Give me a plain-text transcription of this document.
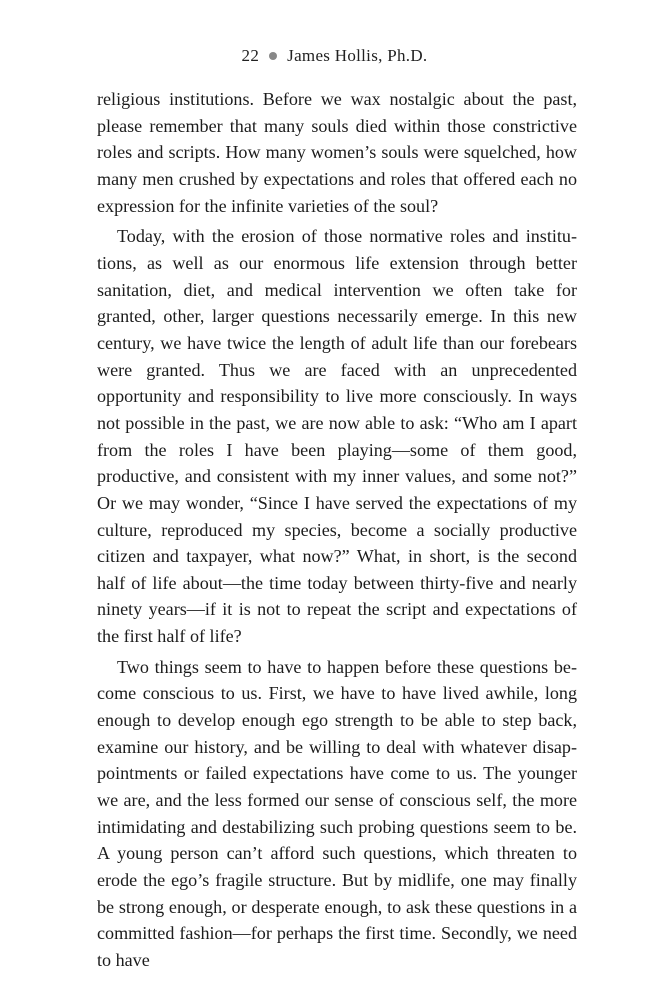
22 James Hollis, Ph.D.

religious institutions. Before we wax nostalgic about the past, please remember that many souls died within those constrictive roles and scripts. How many women’s souls were squelched, how many men crushed by expectations and roles that offered each no expression for the infinite varieties of the soul?

Today, with the erosion of those normative roles and institutions, as well as our enormous life extension through better sanitation, diet, and medical intervention we often take for granted, other, larger questions necessarily emerge. In this new century, we have twice the length of adult life than our forebears were granted. Thus we are faced with an unprecedented opportunity and responsibility to live more consciously. In ways not possible in the past, we are now able to ask: “Who am I apart from the roles I have been playing—some of them good, productive, and consistent with my inner values, and some not?” Or we may wonder, “Since I have served the expectations of my culture, reproduced my species, become a socially productive citizen and taxpayer, what now?” What, in short, is the second half of life about—the time today between thirty-five and nearly ninety years—if it is not to repeat the script and expectations of the first half of life?

Two things seem to have to happen before these questions become conscious to us. First, we have to have lived awhile, long enough to develop enough ego strength to be able to step back, examine our history, and be willing to deal with whatever disappointments or failed expectations have come to us. The younger we are, and the less formed our sense of conscious self, the more intimidating and destabilizing such probing questions seem to be. A young person can’t afford such questions, which threaten to erode the ego’s fragile structure. But by midlife, one may finally be strong enough, or desperate enough, to ask these questions in a committed fashion—for perhaps the first time. Secondly, we need to have
